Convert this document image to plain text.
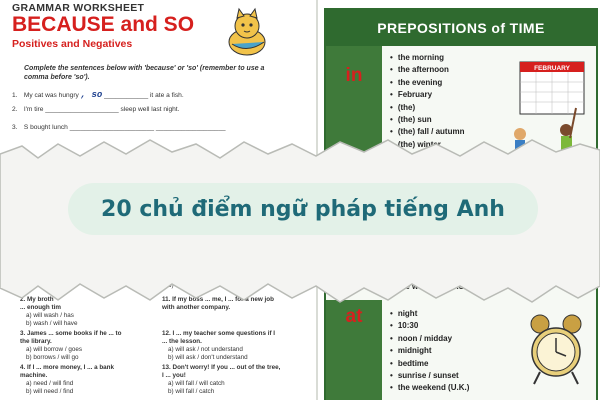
GRAMMAR WORKSHEET
BECAUSE and SO
Positives and Negatives
Complete the sentences below with 'because' or 'so' (remember to use a comma before 'so').
1. My cat was hungry , so ____________ it ate a fish.
2. I'm tire ____________________ sleep well last night.
3. S bought lunch _______________________ ___________________

2. My broth
... enough tim
a) will wash / has
b) wash / will have
3. James ... some books if he ... to
the library.
a) will borrow / goes
b) borrows / will go
4. If I ... more money, I ... a bank
machine.
a) need / will find
b) will need / find

11. If my boss ... me, I ... for a new job
with another company.
12. I ... my teacher some questions if I
... the lesson.
a) will ask / not understand
b) will ask / don't understand
13. Don't worry! If you ... out of the tree,
I ... you!
a) will fall / will catch
b) will fall / catch
PREPOSITIONS of TIME
in
• the morning
• the afternoon
• the evening
• February
• (the)
• (the) sun
• (the) fall / autumn
• (the) winter
•
•
FEBRUARY
•
•
•
•
at
•	night
• 10:30
• noon / midday
• midnight
• bedtime
• sunrise / sunset
• the weekend (U.K.)
20 chủ điểm ngữ pháp tiếng Anh
